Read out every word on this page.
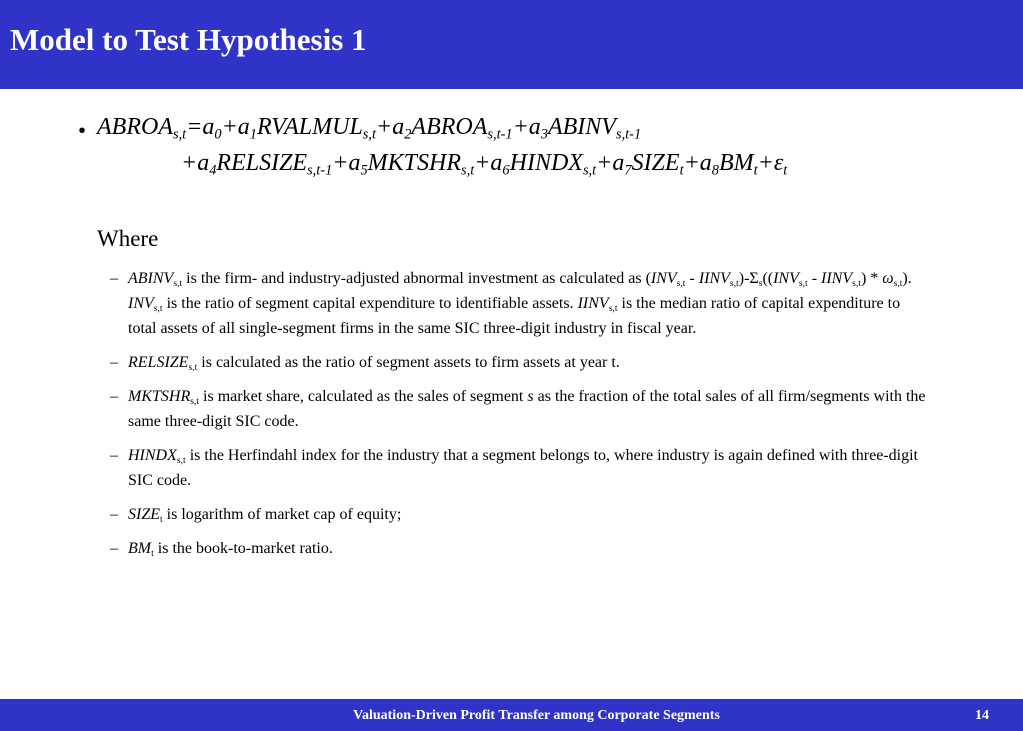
Model to Test Hypothesis 1
• $ABROA_{s,t}=a_0+a_1RVALMUL_{s,t}+a_2ABROA_{s,t-1}+a_3ABINV_{s,t-1}$
$+a_4RELSIZE_{s,t-1}+a_5MKTSHR_{s,t}+a_6HINDX_{s,t}+a_7SIZE_t+a_8BM_t+\varepsilon_t$
Where
– $ABINV_{s,t}$ is the firm- and industry-adjusted abnormal investment as calculated as ($INV_{s,t}$ - $IINV_{s,t})-\Sigma_s((INV_{s,t}$ - $IINV_{s,t}) * \omega_{s,t}$). $INV_{s,t}$ is the ratio of segment capital expenditure to identifiable assets. $IINV_{s,t}$ is the median ratio of capital expenditure to total assets of all single-segment firms in the same SIC three-digit industry in fiscal year.
– $RELSIZE_{s,t}$ is calculated as the ratio of segment assets to firm assets at year t.
– $MKTSHR_{s,t}$ is market share, calculated as the sales of segment s as the fraction of the total sales of all firm/segments with the same three-digit SIC code.
– $HINDX_{s,t}$ is the Herfindahl index for the industry that a segment belongs to, where industry is again defined with three-digit SIC code.
– $SIZE_t$ is logarithm of market cap of equity;
– $BM_t$ is the book-to-market ratio.
Valuation-Driven Profit Transfer among Corporate Segments	14
